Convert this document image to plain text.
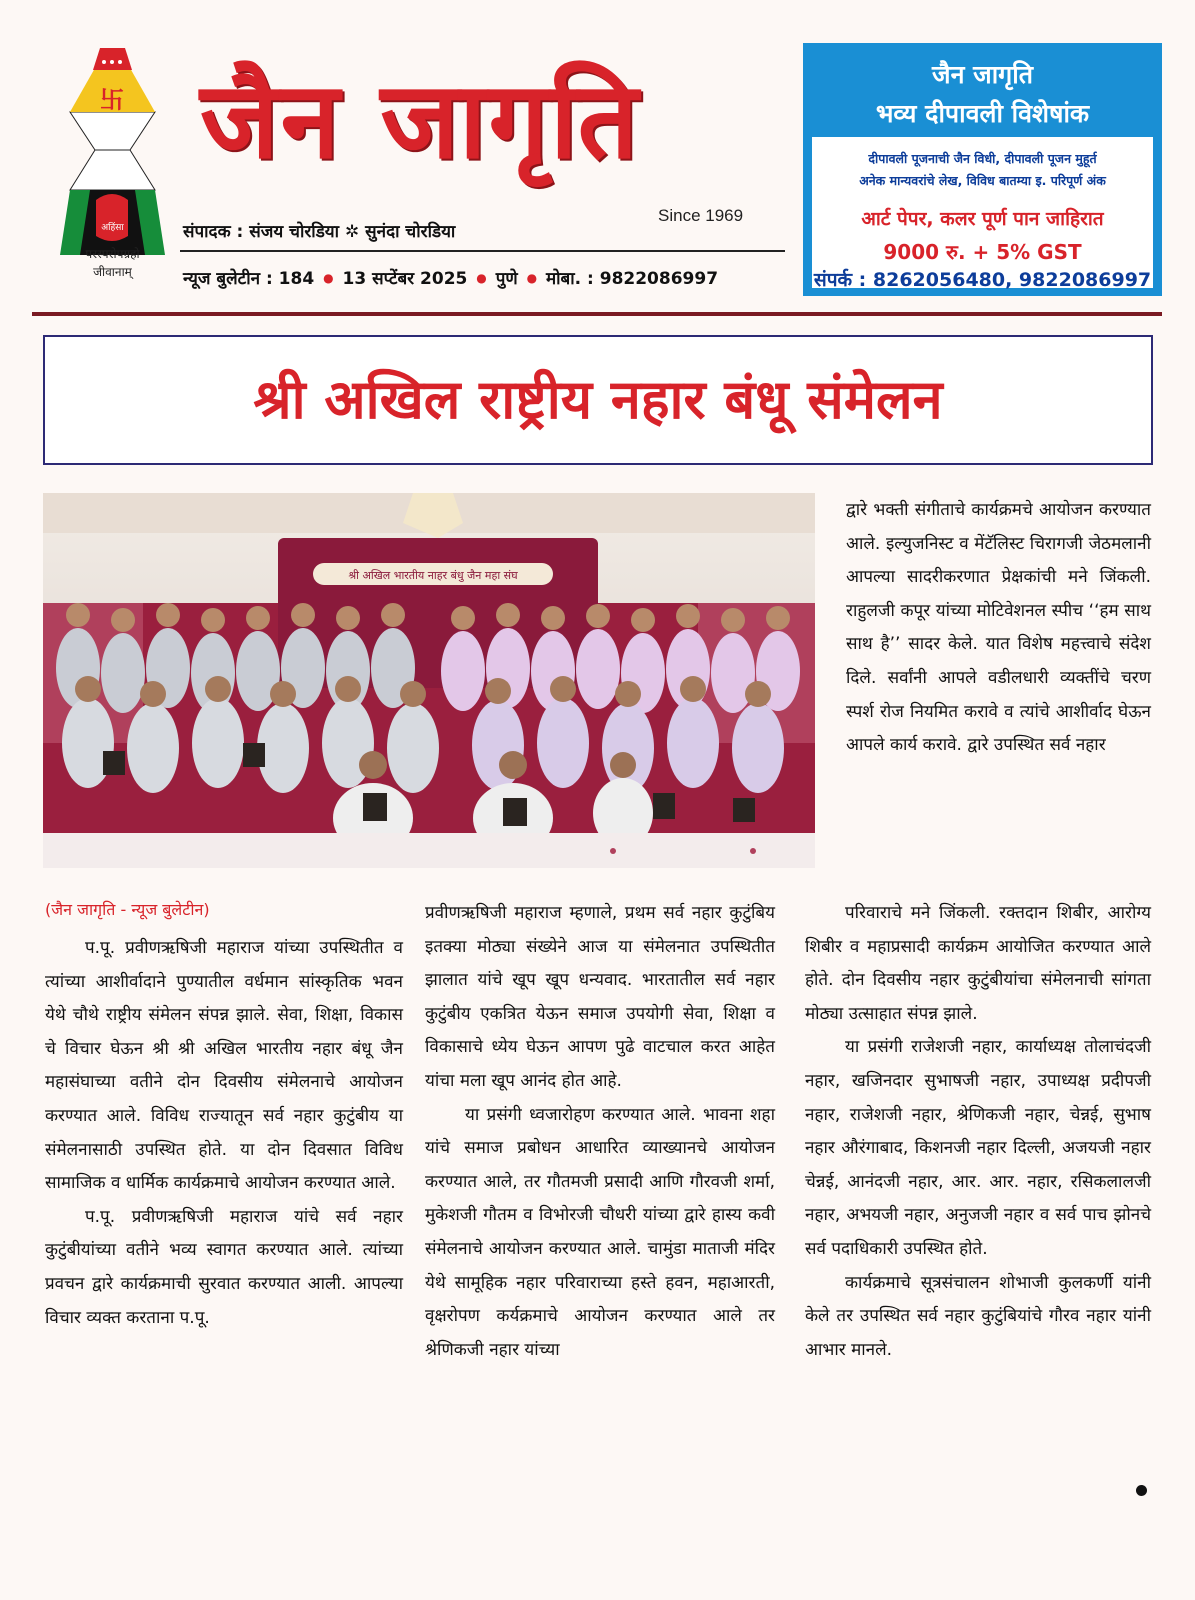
卐
अहिंसा
परस्परोपग्रहो
जीवानाम्
जैन जागृति
Since 1969
संपादक : संजय चोरडिया ✲ सुनंदा चोरडिया
न्यूज बुलेटीन : 184 ● 13 सप्टेंबर 2025 ● पुणे ● मोबा. : 9822086997
जैन जागृति
भव्य दीपावली विशेषांक
दीपावली पूजनाची जैन विधी, दीपावली पूजन मुहूर्त
अनेक मान्यवरांचे लेख, विविध बातम्या इ. परिपूर्ण अंक
आर्ट पेपर, कलर पूर्ण पान जाहिरात
9000 रु. + 5% GST
संपर्क : 8262056480, 9822086997
श्री अखिल राष्ट्रीय नहार बंधू संमेलन
श्री अखिल भारतीय नाहर बंधु जैन महा संघ

द्वारे भक्ती संगीताचे कार्यक्रमचे आयोजन करण्यात आले. इल्युजनिस्ट व मेंटॅलिस्ट चिरागजी जेठमलानी आपल्या सादरीकरणात प्रेक्षकांची मने जिंकली. राहुलजी कपूर यांच्या मोटिवेशनल स्पीच ‘‘हम साथ साथ है’’ सादर केले. यात विशेष महत्त्वाचे संदेश दिले. सर्वांनी आपले वडीलधारी व्यक्तींचे चरण स्पर्श रोज नियमित करावे व त्यांचे आशीर्वाद घेऊन आपले कार्य करावे. द्वारे उपस्थित सर्व नहार

(जैन जागृति - न्यूज बुलेटीन)

प.पू. प्रवीणऋषिजी महाराज यांच्या उपस्थितीत व त्यांच्या आशीर्वादाने पुण्यातील वर्धमान सांस्कृतिक भवन येथे चौथे राष्ट्रीय संमेलन संपन्न झाले. सेवा, शिक्षा, विकास चे विचार घेऊन श्री श्री अखिल भारतीय नहार बंधू जैन महासंघाच्या वतीने दोन दिवसीय संमेलनाचे आयोजन करण्यात आले. विविध राज्यातून सर्व नहार कुटुंबीय या संमेलनासाठी उपस्थित होते. या दोन दिवसात विविध सामाजिक व धार्मिक कार्यक्रमाचे आयोजन करण्यात आले.

प.पू. प्रवीणऋषिजी महाराज यांचे सर्व नहार कुटुंबीयांच्या वतीने भव्य स्वागत करण्यात आले. त्यांच्या प्रवचन द्वारे कार्यक्रमाची सुरवात करण्यात आली. आपल्या विचार व्यक्त करताना प.पू.

प्रवीणऋषिजी महाराज म्हणाले, प्रथम सर्व नहार कुटुंबिय इतक्या मोठ्या संख्येने आज या संमेलनात उपस्थितीत झालात यांचे खूप खूप धन्यवाद. भारतातील सर्व नहार कुटुंबीय एकत्रित येऊन समाज उपयोगी सेवा, शिक्षा व विकासाचे ध्येय घेऊन आपण पुढे वाटचाल करत आहेत यांचा मला खूप आनंद होत आहे.

या प्रसंगी ध्वजारोहण करण्यात आले. भावना शहा यांचे समाज प्रबोधन आधारित व्याख्यानचे आयोजन करण्यात आले, तर गौतमजी प्रसादी आणि गौरवजी शर्मा, मुकेशजी गौतम व विभोरजी चौधरी यांच्या द्वारे हास्य कवी संमेलनाचे आयोजन करण्यात आले. चामुंडा माताजी मंदिर येथे सामूहिक नहार परिवाराच्या हस्ते हवन, महाआरती, वृक्षरोपण कर्यक्रमाचे आयोजन करण्यात आले तर श्रेणिकजी नहार यांच्या

परिवाराचे मने जिंकली. रक्तदान शिबीर, आरोग्य शिबीर व महाप्रसादी कार्यक्रम आयोजित करण्यात आले होते. दोन दिवसीय नहार कुटुंबीयांचा संमेलनाची सांगता मोठ्या उत्साहात संपन्न झाले.

या प्रसंगी राजेशजी नहार, कार्याध्यक्ष तोलाचंदजी नहार, खजिनदार सुभाषजी नहार, उपाध्यक्ष प्रदीपजी नहार, राजेशजी नहार, श्रेणिकजी नहार, चेन्नई, सुभाष नहार औरंगाबाद, किशनजी नहार दिल्ली, अजयजी नहार चेन्नई, आनंदजी नहार, आर. आर. नहार, रसिकलालजी नहार, अभयजी नहार, अनुजजी नहार व सर्व पाच झोनचे सर्व पदाधिकारी उपस्थित होते.

कार्यक्रमाचे सूत्रसंचालन शोभाजी कुलकर्णी यांनी केले तर उपस्थित सर्व नहार कुटुंबियांचे गौरव नहार यांनी आभार मानले.
